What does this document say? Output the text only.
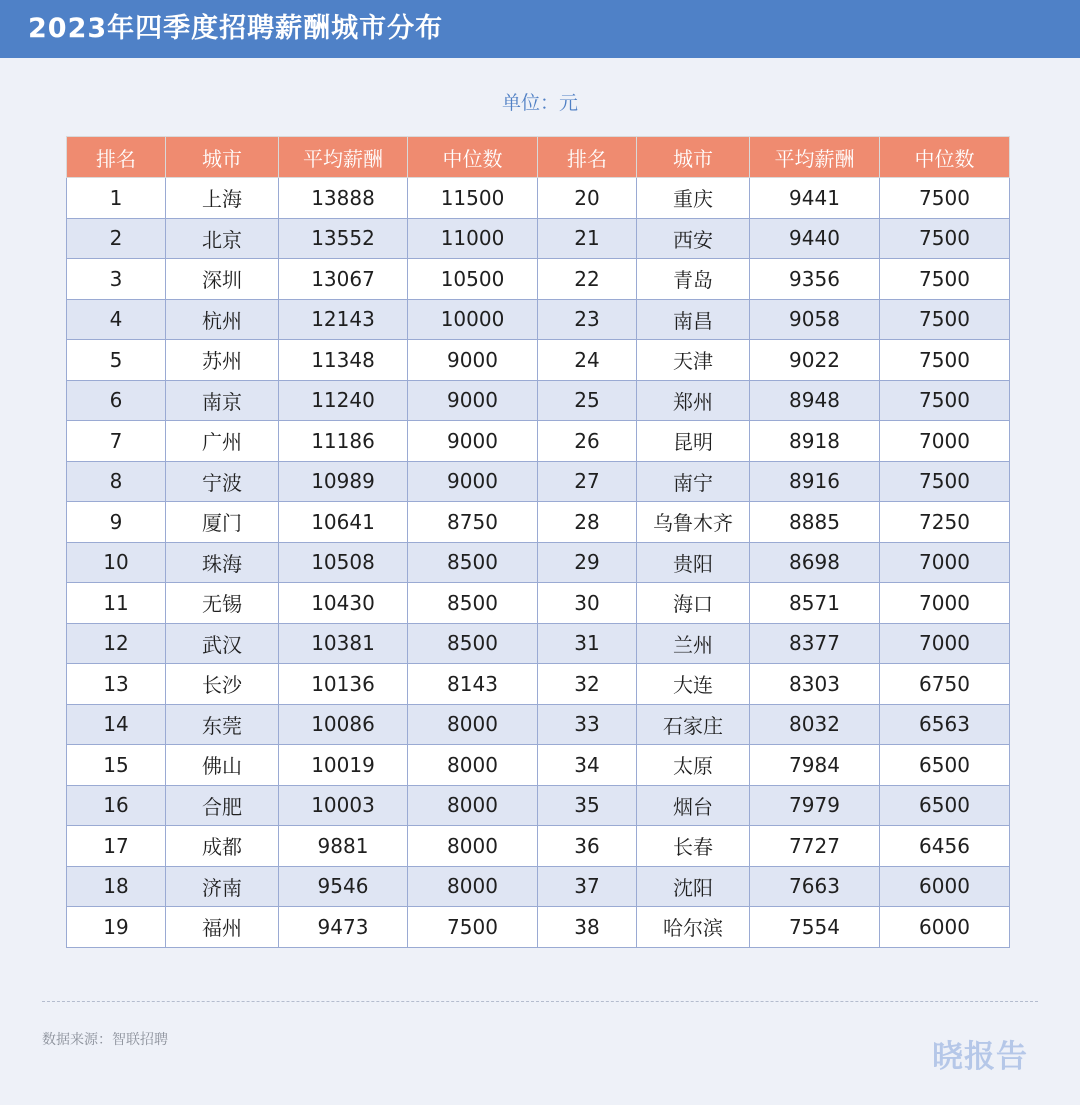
2023年四季度招聘薪酬城市分布
单位：元
排名	城市	平均薪酬	中位数	排名	城市	平均薪酬	中位数
1	上海	13888	11500	20	重庆	9441	7500
2	北京	13552	11000	21	西安	9440	7500
3	深圳	13067	10500	22	青岛	9356	7500
4	杭州	12143	10000	23	南昌	9058	7500
5	苏州	11348	9000	24	天津	9022	7500
6	南京	11240	9000	25	郑州	8948	7500
7	广州	11186	9000	26	昆明	8918	7000
8	宁波	10989	9000	27	南宁	8916	7500
9	厦门	10641	8750	28	乌鲁木齐	8885	7250
10	珠海	10508	8500	29	贵阳	8698	7000
11	无锡	10430	8500	30	海口	8571	7000
12	武汉	10381	8500	31	兰州	8377	7000
13	长沙	10136	8143	32	大连	8303	6750
14	东莞	10086	8000	33	石家庄	8032	6563
15	佛山	10019	8000	34	太原	7984	6500
16	合肥	10003	8000	35	烟台	7979	6500
17	成都	9881	8000	36	长春	7727	6456
18	济南	9546	8000	37	沈阳	7663	6000
19	福州	9473	7500	38	哈尔滨	7554	6000
数据来源：智联招聘	晓报告
